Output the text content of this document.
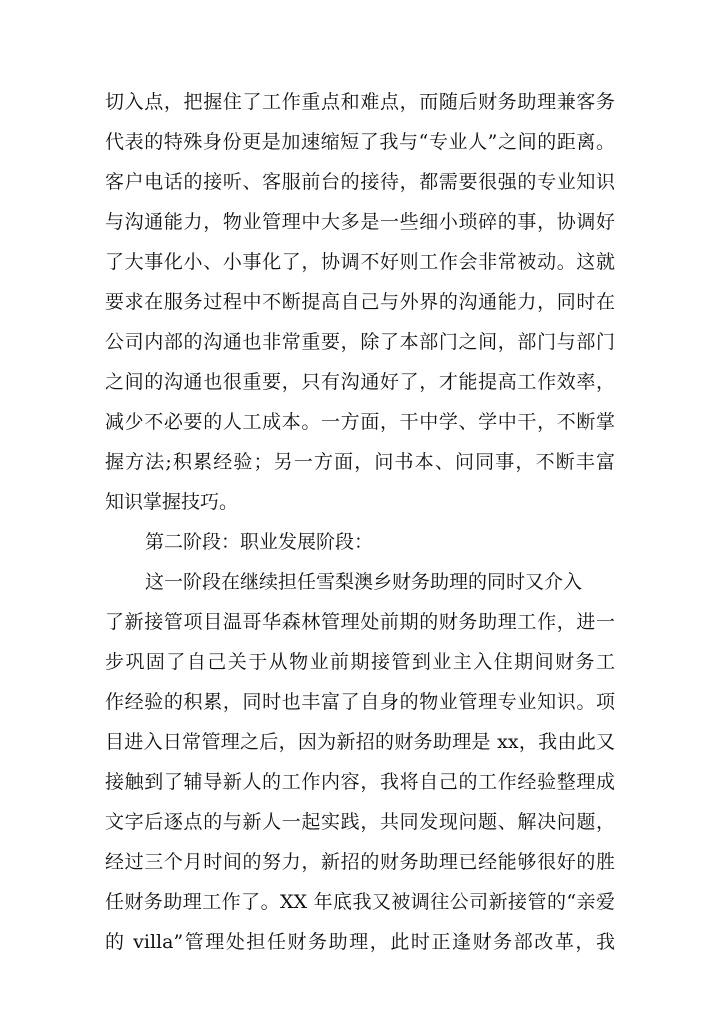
切入点，把握住了工作重点和难点，而随后财务助理兼客务
代表的特殊身份更是加速缩短了我与“专业人”之间的距离。
客户电话的接听、客服前台的接待，都需要很强的专业知识
与沟通能力，物业管理中大多是一些细小琐碎的事，协调好
了大事化小、小事化了，协调不好则工作会非常被动。这就
要求在服务过程中不断提高自己与外界的沟通能力，同时在
公司内部的沟通也非常重要，除了本部门之间，部门与部门
之间的沟通也很重要，只有沟通好了，才能提高工作效率，
减少不必要的人工成本。一方面，干中学、学中干，不断掌
握方法;积累经验；另一方面，问书本、问同事，不断丰富
知识掌握技巧。
第二阶段：职业发展阶段：
这一阶段在继续担任雪梨澳乡财务助理的同时又介入
了新接管项目温哥华森林管理处前期的财务助理工作，进一
步巩固了自己关于从物业前期接管到业主入住期间财务工
作经验的积累，同时也丰富了自身的物业管理专业知识。项
目进入日常管理之后，因为新招的财务助理是 xx，我由此又
接触到了辅导新人的工作内容，我将自己的工作经验整理成
文字后逐点的与新人一起实践，共同发现问题、解决问题，
经过三个月时间的努力，新招的财务助理已经能够很好的胜
任财务助理工作了。XX 年底我又被调往公司新接管的“亲爱
的 villa”管理处担任财务助理，此时正逢财务部改革，我
